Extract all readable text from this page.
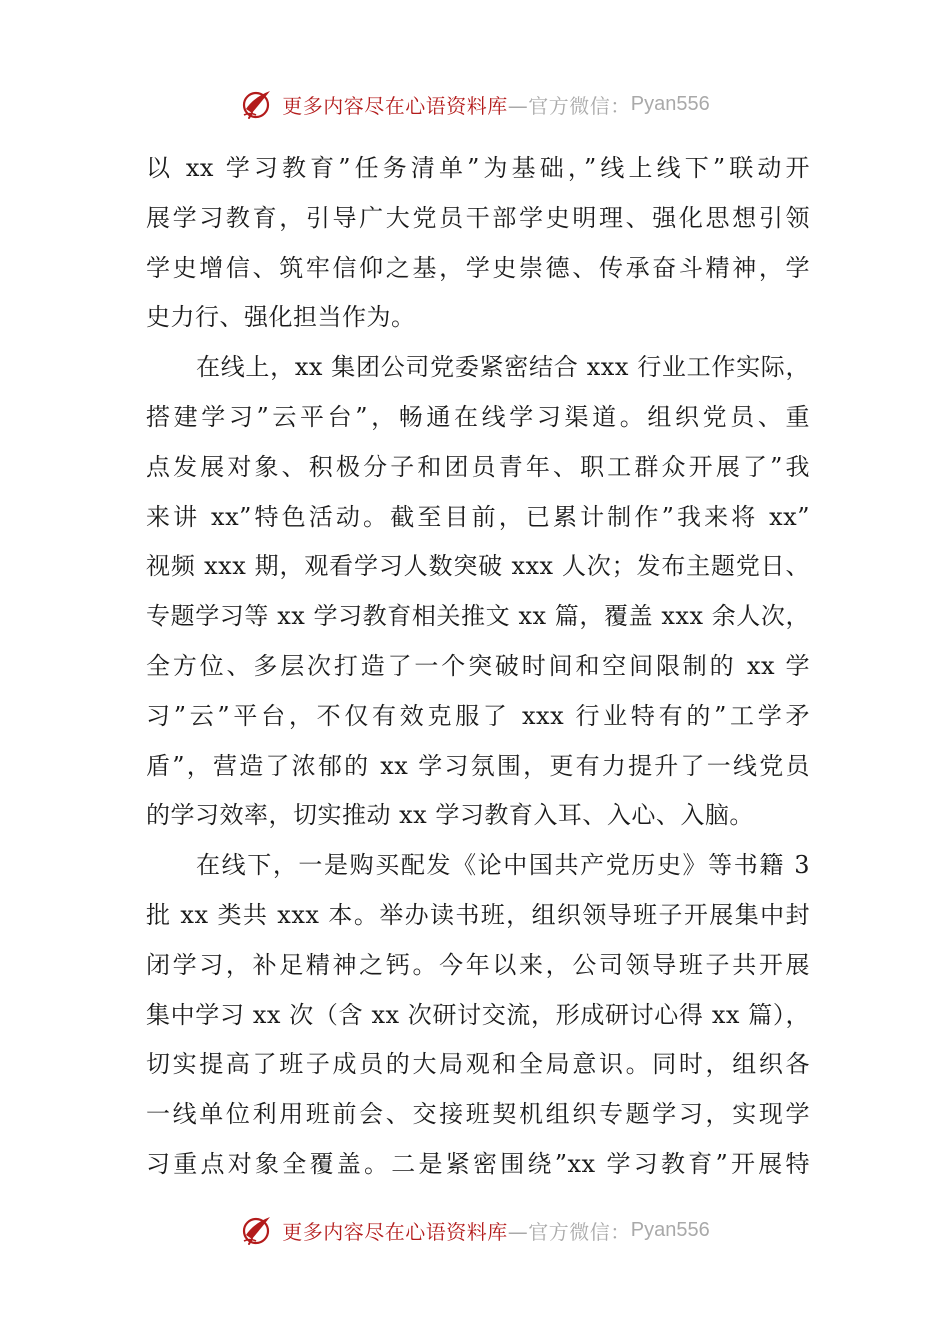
更多内容尽在心语资料库 —官方微信： Pyan556
以 xx 学习教育”任务清单”为基础，”线上线下”联动开
展学习教育，引导广大党员干部学史明理、强化思想引领
学史增信、筑牢信仰之基，学史崇德、传承奋斗精神，学
史力行、强化担当作为。
在线上，xx 集团公司党委紧密结合 xxx 行业工作实际，
搭建学习”云平台”，畅通在线学习渠道。组织党员、重
点发展对象、积极分子和团员青年、职工群众开展了”我
来讲 xx”特色活动。截至目前，已累计制作”我来将 xx”
视频 xxx 期，观看学习人数突破 xxx 人次；发布主题党日、
专题学习等 xx 学习教育相关推文 xx 篇，覆盖 xxx 余人次，
全方位、多层次打造了一个突破时间和空间限制的 xx 学
习”云”平台，不仅有效克服了 xxx 行业特有的”工学矛
盾”，营造了浓郁的 xx 学习氛围，更有力提升了一线党员
的学习效率，切实推动 xx 学习教育入耳、入心、入脑。
在线下，一是购买配发《论中国共产党历史》等书籍 3
批 xx 类共 xxx 本。举办读书班，组织领导班子开展集中封
闭学习，补足精神之钙。今年以来，公司领导班子共开展
集中学习 xx 次（含 xx 次研讨交流，形成研讨心得 xx 篇），
切实提高了班子成员的大局观和全局意识。同时，组织各
一线单位利用班前会、交接班契机组织专题学习，实现学
习重点对象全覆盖。二是紧密围绕”xx 学习教育”开展特
更多内容尽在心语资料库 —官方微信： Pyan556
